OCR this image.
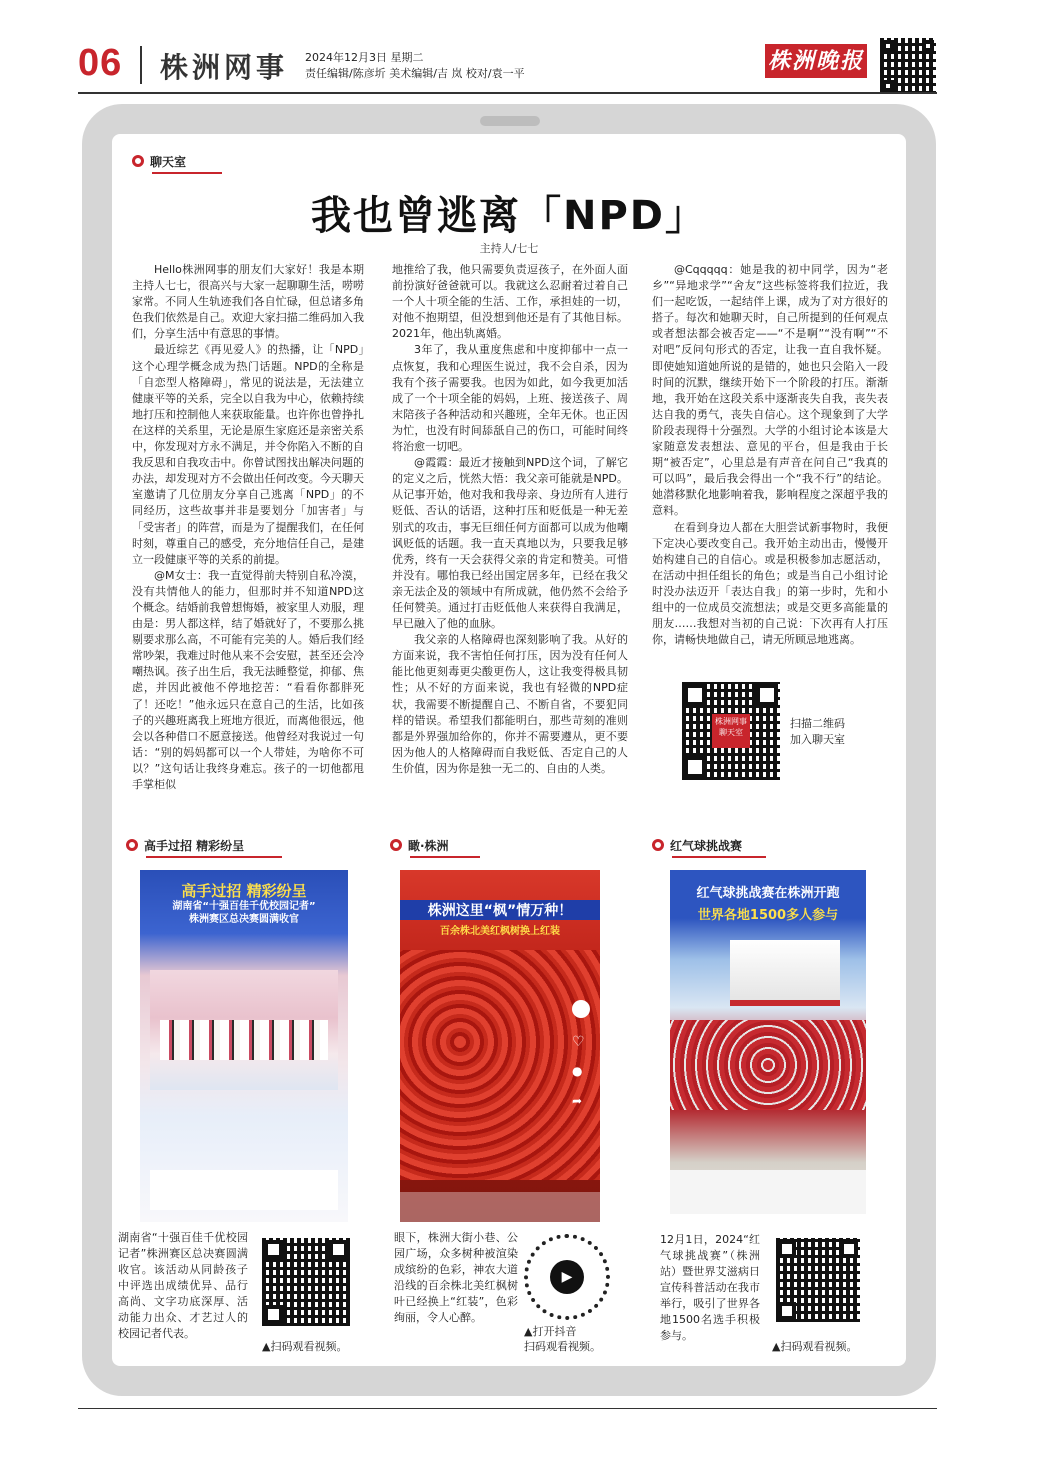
06 株洲网事 2024年12月3日 星期二
责任编辑/陈彦圻 美术编辑/吉 岚 校对/袁一平	株洲晚报
聊天室
我也曾逃离「NPD」
主持人/七七

Hello株洲网事的朋友们大家好！我是本期主持人七七，很高兴与大家一起聊聊生活，唠唠家常。不同人生轨迹我们各自忙碌，但总诸多角色我们依然是自己。欢迎大家扫描二维码加入我们，分享生活中有意思的事情。

最近综艺《再见爱人》的热播，让「NPD」这个心理学概念成为热门话题。NPD的全称是「自恋型人格障碍」，常见的说法是，无法建立健康平等的关系，完全以自我为中心，依赖持续地打压和控制他人来获取能量。也许你也曾挣扎在这样的关系里，无论是原生家庭还是亲密关系中，你发现对方永不满足，并令你陷入不断的自我反思和自我攻击中。你曾试图找出解决问题的办法，却发现对方不会做出任何改变。今天聊天室邀请了几位朋友分享自己逃离「NPD」的不同经历，这些故事并非是要划分「加害者」与「受害者」的阵营，而是为了提醒我们，在任何时刻，尊重自己的感受，充分地信任自己，是建立一段健康平等的关系的前提。

@M女士：我一直觉得前夫特别自私冷漠，没有共情他人的能力，但那时并不知道NPD这个概念。结婚前我曾想悔婚，被家里人劝服，理由是：男人都这样，结了婚就好了，不要那么挑剔要求那么高，不可能有完美的人。婚后我们经常吵架，我难过时他从来不会安慰，甚至还会冷嘲热讽。孩子出生后，我无法睡整觉，抑郁、焦虑，并因此被他不停地挖苦：“看看你都胖死了！还吃！”他永远只在意自己的生活，比如孩子的兴趣班离我上班地方很近，而离他很远，他会以各种借口不愿意接送。他曾经对我说过一句话：“别的妈妈都可以一个人带娃，为啥你不可以？”这句话让我终身难忘。孩子的一切他都甩手掌柜似

地推给了我，他只需要负责逗孩子，在外面人面前扮演好爸爸就可以。我就这么忍耐着过着自己一个人十项全能的生活、工作，承担娃的一切，对他不抱期望，但没想到他还是有了其他目标。2021年，他出轨离婚。

3年了，我从重度焦虑和中度抑郁中一点一点恢复，我和心理医生说过，我不会自杀，因为我有个孩子需要我。也因为如此，如今我更加活成了一个十项全能的妈妈，上班、接送孩子、周末陪孩子各种活动和兴趣班，全年无休。也正因为忙，也没有时间舔舐自己的伤口，可能时间终将治愈一切吧。

@霞霞：最近才接触到NPD这个词，了解它的定义之后，恍然大悟：我父亲可能就是NPD。从记事开始，他对我和我母亲、身边所有人进行贬低、否认的话语，这种打压和贬低是一种无差别式的攻击，事无巨细任何方面都可以成为他嘲讽贬低的话题。我一直天真地以为，只要我足够优秀，终有一天会获得父亲的肯定和赞美。可惜并没有。哪怕我已经出国定居多年，已经在我父亲无法企及的领域中有所成就，他仍然不会给予任何赞美。通过打击贬低他人来获得自我满足，早已融入了他的血脉。

我父亲的人格障碍也深刻影响了我。从好的方面来说，我不害怕任何打压，因为没有任何人能比他更刻毒更尖酸更伤人，这让我变得极具韧性；从不好的方面来说，我也有轻微的NPD症状，我需要不断提醒自己、不断自省，不要犯同样的错误。希望我们都能明白，那些苛刻的准则都是外界强加给你的，你并不需要遵从，更不要因为他人的人格障碍而自我贬低、否定自己的人生价值，因为你是独一无二的、自由的人类。

@Cqqqqq：她是我的初中同学，因为“老乡”“异地求学”“舍友”这些标签将我们拉近，我们一起吃饭，一起结伴上课，成为了对方很好的搭子。每次和她聊天时，自己所提到的任何观点或者想法都会被否定——“不是啊”“没有啊”“不对吧”反问句形式的否定，让我一直自我怀疑。即使她知道她所说的是错的，她也只会陷入一段时间的沉默，继续开始下一个阶段的打压。渐渐地，我开始在这段关系中逐渐丧失自我，丧失表达自我的勇气，丧失自信心。这个现象到了大学阶段表现得十分强烈。大学的小组讨论本该是大家随意发表想法、意见的平台，但是我由于长期“被否定”，心里总是有声音在问自己“我真的可以吗”，最后我会得出一个“我不行”的结论。她潜移默化地影响着我，影响程度之深超乎我的意料。

在看到身边人都在大胆尝试新事物时，我便下定决心要改变自己。我开始主动出击，慢慢开始构建自己的自信心。或是积极参加志愿活动，在活动中担任组长的角色；或是当自己小组讨论时没办法迈开「表达自我」的第一步时，先和小组中的一位成员交流想法；或是交更多高能量的朋友……我想对当初的自己说：下次再有人打压你，请畅快地做自己，请无所顾忌地逃离。

株洲网事聊天室
扫描二维码
加入聊天室
高手过招 精彩纷呈	瞰·株洲	红气球挑战赛
高手过招 精彩纷呈
湖南省“十强百佳千优校园记者”
株洲赛区总决赛圆满收官
株洲这里“枫”情万种！
百余株北美红枫树换上红装
♡
●
➦
红气球挑战赛在株洲开跑
世界各地1500多人参与
湖南省“十强百佳千优校园记者”株洲赛区总决赛圆满收官。该活动从同龄孩子中评选出成绩优异、品行高尚、文字功底深厚、活动能力出众、才艺过人的校园记者代表。
▲扫码观看视频。
眼下，株洲大街小巷、公园广场，众多树种被渲染成缤纷的色彩，神农大道沿线的百余株北美红枫树叶已经换上“红装”，色彩绚丽，令人心醉。
▶
▲打开抖音
扫码观看视频。
12月1日，2024“红气球挑战赛”（株洲站）暨世界艾滋病日宣传科普活动在我市举行，吸引了世界各地1500名选手积极参与。
▲扫码观看视频。
